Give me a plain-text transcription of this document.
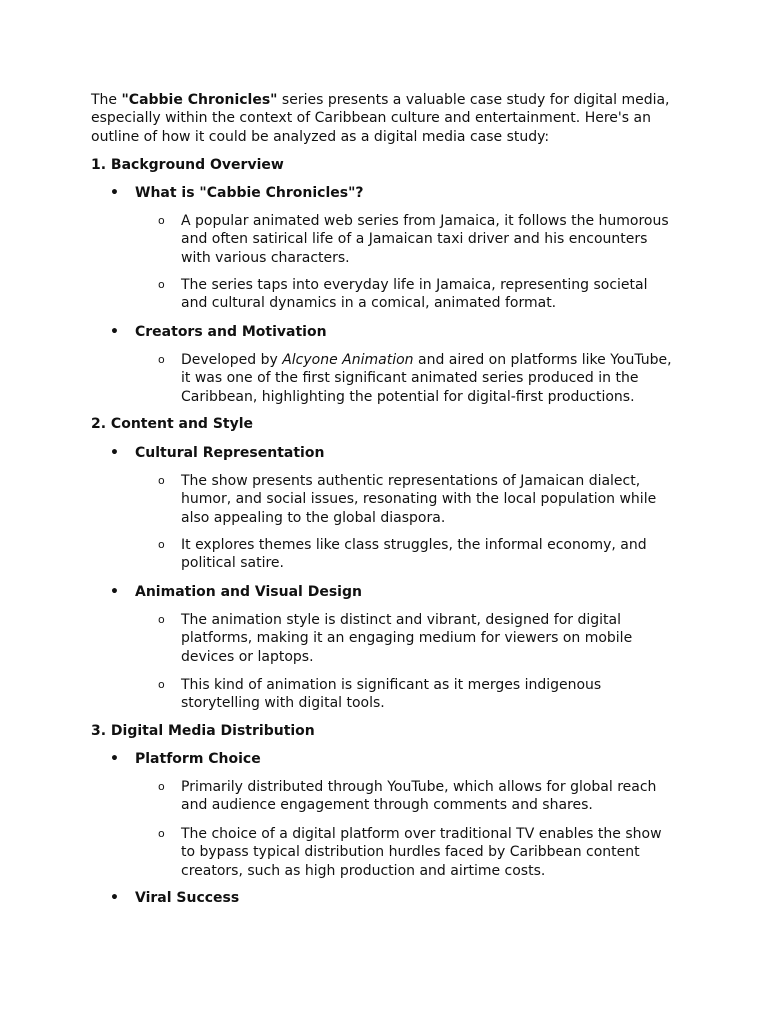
The "Cabbie Chronicles" series presents a valuable case study for digital media, especially within the context of Caribbean culture and entertainment. Here's an outline of how it could be analyzed as a digital media case study:

1. Background Overview

• What is "Cabbie Chronicles"?

o A popular animated web series from Jamaica, it follows the humorous and often satirical life of a Jamaican taxi driver and his encounters with various characters.
o The series taps into everyday life in Jamaica, representing societal and cultural dynamics in a comical, animated format.

• Creators and Motivation

o Developed by Alcyone Animation and aired on platforms like YouTube, it was one of the first significant animated series produced in the Caribbean, highlighting the potential for digital-first productions.

2. Content and Style

• Cultural Representation

o The show presents authentic representations of Jamaican dialect, humor, and social issues, resonating with the local population while also appealing to the global diaspora.
o It explores themes like class struggles, the informal economy, and political satire.

• Animation and Visual Design

o The animation style is distinct and vibrant, designed for digital platforms, making it an engaging medium for viewers on mobile devices or laptops.
o This kind of animation is significant as it merges indigenous storytelling with digital tools.

3. Digital Media Distribution

• Platform Choice

o Primarily distributed through YouTube, which allows for global reach and audience engagement through comments and shares.
o The choice of a digital platform over traditional TV enables the show to bypass typical distribution hurdles faced by Caribbean content creators, such as high production and airtime costs.

• Viral Success
